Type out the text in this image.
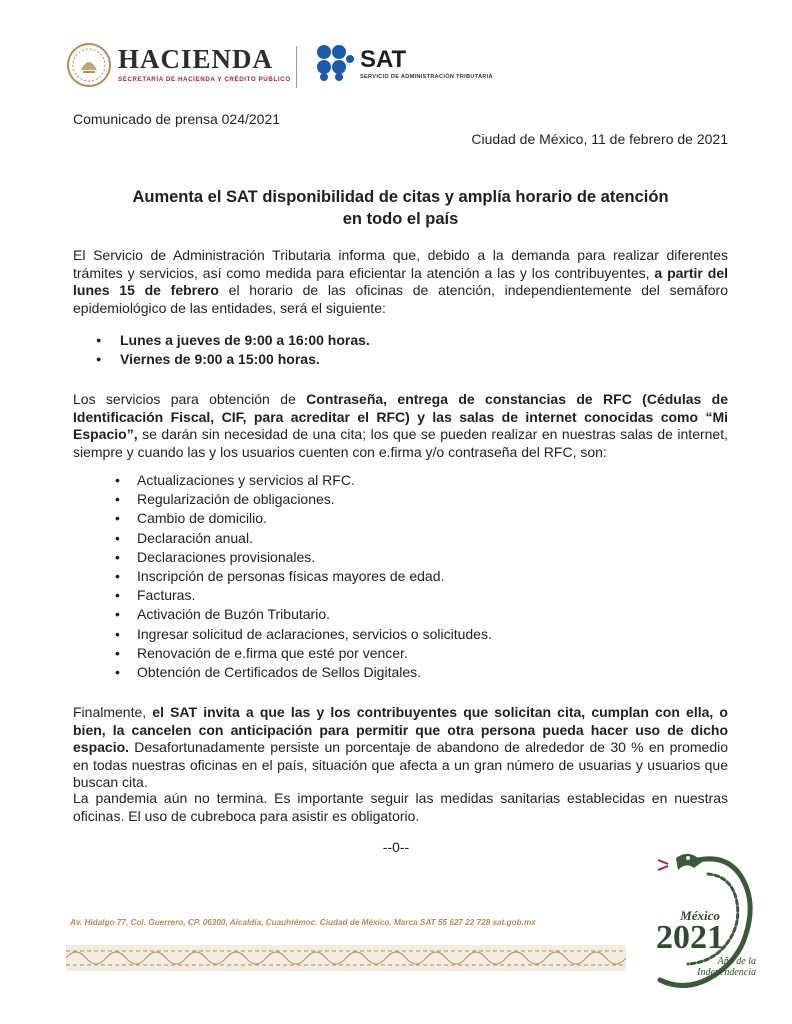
HACIENDA
SECRETARÍA DE HACIENDA Y CRÉDITO PÚBLICO
SAT
SERVICIO DE ADMINISTRACIÓN TRIBUTARIA
Comunicado de prensa 024/2021
Ciudad de México, 11 de febrero de 2021
Aumenta el SAT disponibilidad de citas y amplía horario de atención
en todo el país

El Servicio de Administración Tributaria informa que, debido a la demanda para realizar diferentes trámites y servicios, así como medida para eficientar la atención a las y los contribuyentes, a partir del lunes 15 de febrero el horario de las oficinas de atención, independientemente del semáforo epidemiológico de las entidades, será el siguiente:

● Lunes a jueves de 9:00 a 16:00 horas.
● Viernes de 9:00 a 15:00 horas.

Los servicios para obtención de Contraseña, entrega de constancias de RFC (Cédulas de Identificación Fiscal, CIF, para acreditar el RFC) y las salas de internet conocidas como “Mi Espacio”, se darán sin necesidad de una cita; los que se pueden realizar en nuestras salas de internet, siempre y cuando las y los usuarios cuenten con e.firma y/o contraseña del RFC, son:

• Actualizaciones y servicios al RFC.
• Regularización de obligaciones.
• Cambio de domicilio.
• Declaración anual.
• Declaraciones provisionales.
• Inscripción de personas físicas mayores de edad.
• Facturas.
• Activación de Buzón Tributario.
• Ingresar solicitud de aclaraciones, servicios o solicitudes.
• Renovación de e.firma que esté por vencer.
• Obtención de Certificados de Sellos Digitales.

Finalmente, el SAT invita a que las y los contribuyentes que solicitan cita, cumplan con ella, o bien, la cancelen con anticipación para permitir que otra persona pueda hacer uso de dicho espacio. Desafortunadamente persiste un porcentaje de abandono de alrededor de 30 % en promedio en todas nuestras oficinas en el país, situación que afecta a un gran número de usuarias y usuarios que buscan cita.

La pandemia aún no termina. Es importante seguir las medidas sanitarias establecidas en nuestras oficinas. El uso de cubreboca para asistir es obligatorio.

--0--
Av. Hidalgo 77, Col. Guerrero, CP. 06300, Alcaldía, Cuauhtémoc. Ciudad de México. Marca SAT 55 627 22 728 sat.gob.mx	México
2021
Año de la
Independencia
